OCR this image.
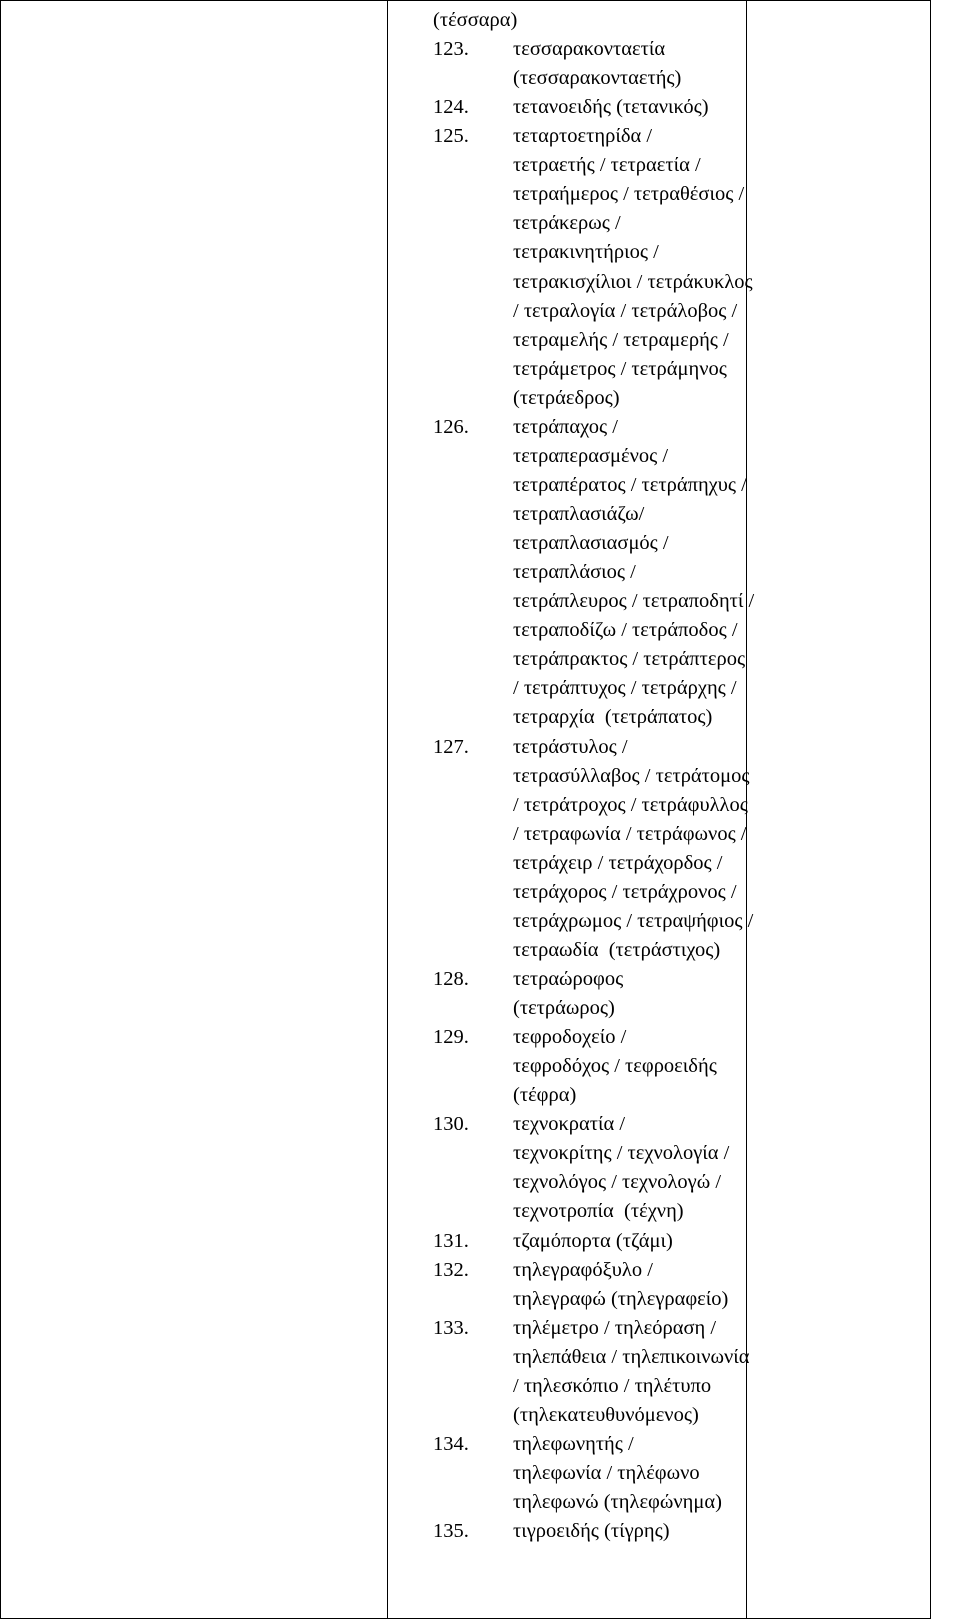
(τέσσαρα)
123.	τεσσαρακονταετία
(τεσσαρακονταετής)
124.	τετανοειδής (τετανικός)
125.	τεταρτοετηρίδα /
τετραετής / τετραετία /
τετραήμερος / τετραθέσιος /
τετράκερως /
τετρακινητήριος /
τετρακισχίλιοι / τετράκυκλος
/ τετραλογία / τετράλοβος /
τετραμελής / τετραμερής /
τετράμετρος / τετράμηνος
(τετράεδρος)
126.	τετράπαχος /
τετραπερασμένος /
τετραπέρατος / τετράπηχυς /
τετραπλασιάζω/
τετραπλασιασμός /
τετραπλάσιος /
τετράπλευρος / τετραποδητί /
τετραποδίζω / τετράποδος /
τετράπρακτος / τετράπτερος
/ τετράπτυχος / τετράρχης /
τετραρχία  (τετράπατος)
127.	τετράστυλος /
τετρασύλλαβος / τετράτομος
/ τετράτροχος / τετράφυλλος
/ τετραφωνία / τετράφωνος /
τετράχειρ / τετράχορδος /
τετράχορος / τετράχρονος /
τετράχρωμος / τετραψήφιος /
τετραωδία  (τετράστιχος)
128.	τετραώροφος
(τετράωρος)
129.	τεφροδοχείο /
τεφροδόχος / τεφροειδής
(τέφρα)
130.	τεχνοκρατία /
τεχνοκρίτης / τεχνολογία /
τεχνολόγος / τεχνολογώ /
τεχνοτροπία  (τέχνη)
131.	τζαμόπορτα (τζάμι)
132.	τηλεγραφόξυλο /
τηλεγραφώ (τηλεγραφείο)
133.	τηλέμετρο / τηλεόραση /
τηλεπάθεια / τηλεπικοινωνία
/ τηλεσκόπιο / τηλέτυπο
(τηλεκατευθυνόμενος)
134.	τηλεφωνητής /
τηλεφωνία / τηλέφωνο
τηλεφωνώ (τηλεφώνημα)
135.	τιγροειδής (τίγρης)
